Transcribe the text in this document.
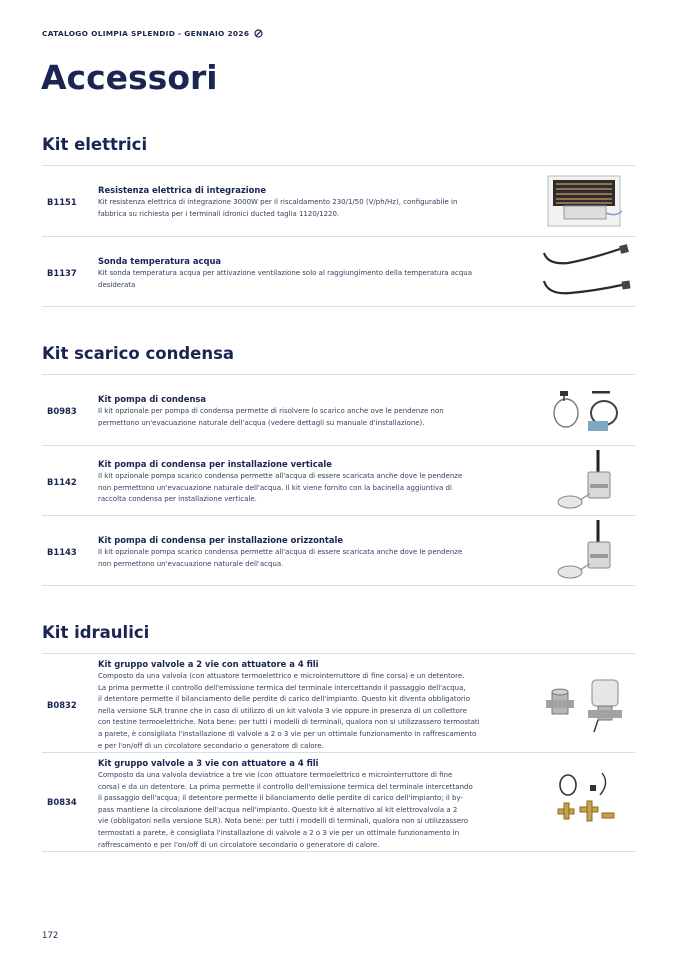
CATALOGO OLIMPIA SPLENDID - GENNAIO 2026
Accessori
Kit elettrici
B1151
Resistenza elettrica di integrazione
Kit resistenza elettrica di integrazione 3000W per il riscaldamento 230/1/50 (V/ph/Hz), configurabile in
fabbrica su richiesta per i terminali idronici ducted taglia 1120/1220.
B1137
Sonda temperatura acqua
Kit sonda temperatura acqua per attivazione ventilazione solo al raggiungimento della temperatura acqua
desiderata
Kit scarico condensa
B0983
Kit pompa di condensa
Il kit opzionale per pompa di condensa permette di risolvere lo scarico anche ove le pendenze non
permettono un'evacuazione naturale dell'acqua (vedere dettagli su manuale d'installazione).
B1142
Kit pompa di condensa per installazione verticale
Il kit opzionale pompa scarico condensa permette all'acqua di essere scaricata anche dove le pendenze
non permettono un'evacuazione naturale dell'acqua. Il kit viene fornito con la bacinella aggiuntiva di
raccolta condensa per installazione verticale.
B1143
Kit pompa di condensa per installazione orizzontale
Il kit opzionale pompa scarico condensa permette all'acqua di essere scaricata anche dove le pendenze
non permettono un'evacuazione naturale dell'acqua.
Kit idraulici
B0832
Kit gruppo valvole a 2 vie con attuatore a 4 fili
Composto da una valvola (con attuatore termoelettrico e microinterruttore di fine corsa) e un detentore.
La prima permette il controllo dell'emissione termica del terminale intercettando il passaggio dell'acqua,
il detentore permette il bilanciamento delle perdite di carico dell'impianto. Questo kit diventa obbligatorio
nella versione SLR tranne che in caso di utilizzo di un kit valvola 3 vie oppure in presenza di un collettore
con testine termoelettriche. Nota bene: per tutti i modelli di terminali, qualora non si utilizzassero termostati
a parete, è consigliata l'installazione di valvole a 2 o 3 vie per un ottimale funzionamento in raffrescamento
e per l'on/off di un circolatore secondario o generatore di calore.
B0834
Kit gruppo valvole a 3 vie con attuatore a 4 fili
Composto da una valvola deviatrice a tre vie (con attuatore termoelettrico e microinterruttore di fine
corsa) e da un detentore. La prima permette il controllo dell'emissione termica del terminale intercettando
il passaggio dell'acqua; il detentore permette il bilanciamento delle perdite di carico dell'impianto; il by-
pass mantiene la circolazione dell'acqua nell'impianto. Questo kit è alternativo al kit elettrovalvola a 2
vie (obbligatori nella versione SLR). Nota bene: per tutti i modelli di terminali, qualora non si utilizzassero
termostati a parete, è consigliata l'installazione di valvole a 2 o 3 vie per un ottimale funzionamento in
raffrescamento e per l'on/off di un circolatore secondario o generatore di calore.
172
